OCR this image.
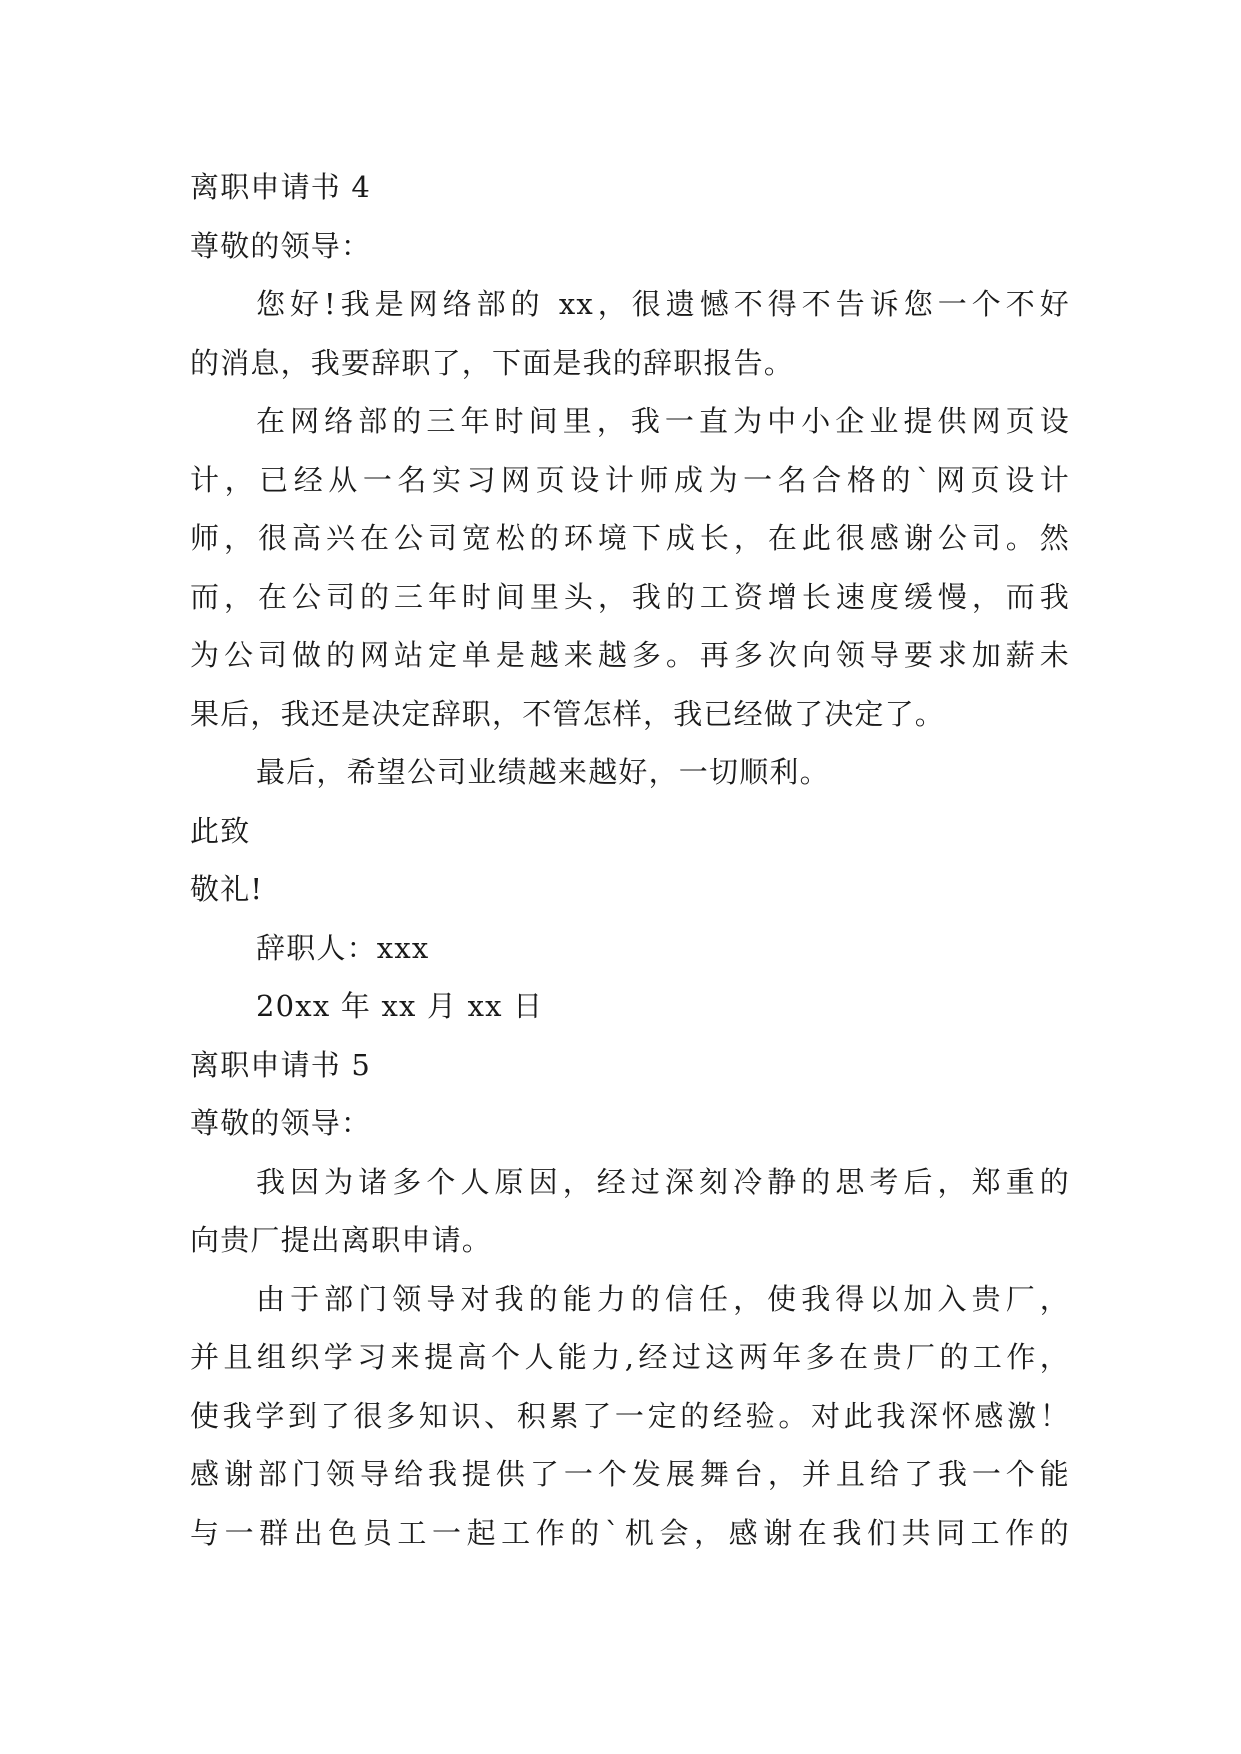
离职申请书 4
尊敬的领导：
您好!我是网络部的 xx，很遗憾不得不告诉您一个不好
的消息，我要辞职了，下面是我的辞职报告。
在网络部的三年时间里，我一直为中小企业提供网页设
计，已经从一名实习网页设计师成为一名合格的`网页设计
师，很高兴在公司宽松的环境下成长，在此很感谢公司。然
而，在公司的三年时间里头，我的工资增长速度缓慢，而我
为公司做的网站定单是越来越多。再多次向领导要求加薪未
果后，我还是决定辞职，不管怎样，我已经做了决定了。
最后，希望公司业绩越来越好，一切顺利。
此致
敬礼!
辞职人：xxx
20xx 年 xx 月 xx 日
离职申请书 5
尊敬的领导：
我因为诸多个人原因，经过深刻冷静的思考后，郑重的
向贵厂提出离职申请。
由于部门领导对我的能力的信任，使我得以加入贵厂，
并且组织学习来提高个人能力,经过这两年多在贵厂的工作，
使我学到了很多知识、积累了一定的经验。对此我深怀感激！
感谢部门领导给我提供了一个发展舞台，并且给了我一个能
与一群出色员工一起工作的`机会，感谢在我们共同工作的
